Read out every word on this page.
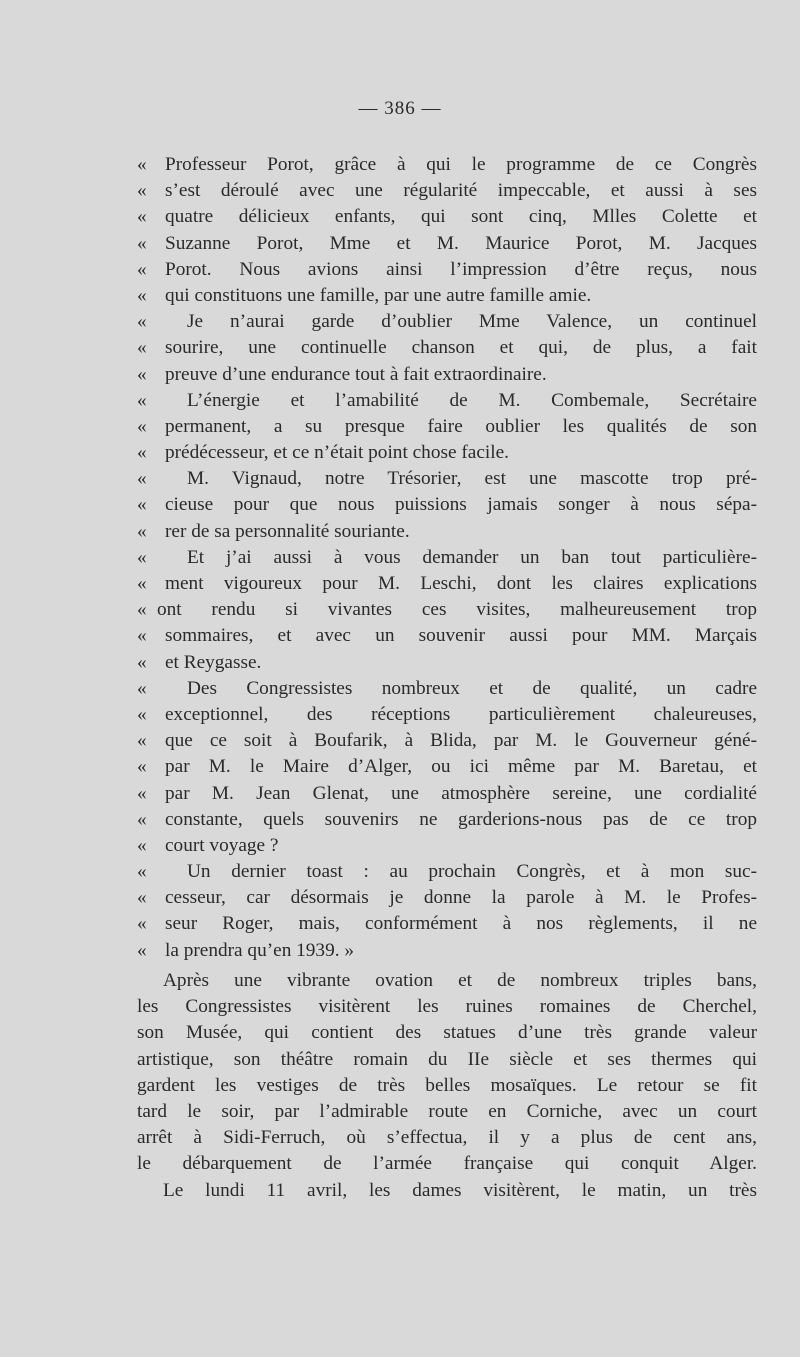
— 386 —
« Professeur Porot, grâce à qui le programme de ce Congrès
« s’est déroulé avec une régularité impeccable, et aussi à ses
« quatre délicieux enfants, qui sont cinq, Mlles Colette et
« Suzanne Porot, Mme et M. Maurice Porot, M. Jacques
« Porot. Nous avions ainsi l’impression d’être reçus, nous
« qui constituons une famille, par une autre famille amie.
« Je n’aurai garde d’oublier Mme Valence, un continuel
« sourire, une continuelle chanson et qui, de plus, a fait
« preuve d’une endurance tout à fait extraordinaire.
« L’énergie et l’amabilité de M. Combemale, Secrétaire
« permanent, a su presque faire oublier les qualités de son
« prédécesseur, et ce n’était point chose facile.
« M. Vignaud, notre Trésorier, est une mascotte trop pré-
« cieuse pour que nous puissions jamais songer à nous sépa-
« rer de sa personnalité souriante.
« Et j’ai aussi à vous demander un ban tout particulière-
« ment vigoureux pour M. Leschi, dont les claires explications
« ont rendu si vivantes ces visites, malheureusement trop
« sommaires, et avec un souvenir aussi pour MM. Marçais
« et Reygasse.
« Des Congressistes nombreux et de qualité, un cadre
« exceptionnel, des réceptions particulièrement chaleureuses,
« que ce soit à Boufarik, à Blida, par M. le Gouverneur géné-
« par M. le Maire d’Alger, ou ici même par M. Baretau, et
« par M. Jean Glenat, une atmosphère sereine, une cordialité
« constante, quels souvenirs ne garderions-nous pas de ce trop
« court voyage ?
« Un dernier toast : au prochain Congrès, et à mon suc-
« cesseur, car désormais je donne la parole à M. le Profes-
« seur Roger, mais, conformément à nos règlements, il ne
« la prendra qu’en 1939. »
Après une vibrante ovation et de nombreux triples bans,
les Congressistes visitèrent les ruines romaines de Cherchel,
son Musée, qui contient des statues d’une très grande valeur
artistique, son théâtre romain du IIe siècle et ses thermes qui
gardent les vestiges de très belles mosaïques. Le retour se fit
tard le soir, par l’admirable route en Corniche, avec un court
arrêt à Sidi-Ferruch, où s’effectua, il y a plus de cent ans,
le débarquement de l’armée française qui conquit Alger.
Le lundi 11 avril, les dames visitèrent, le matin, un très
